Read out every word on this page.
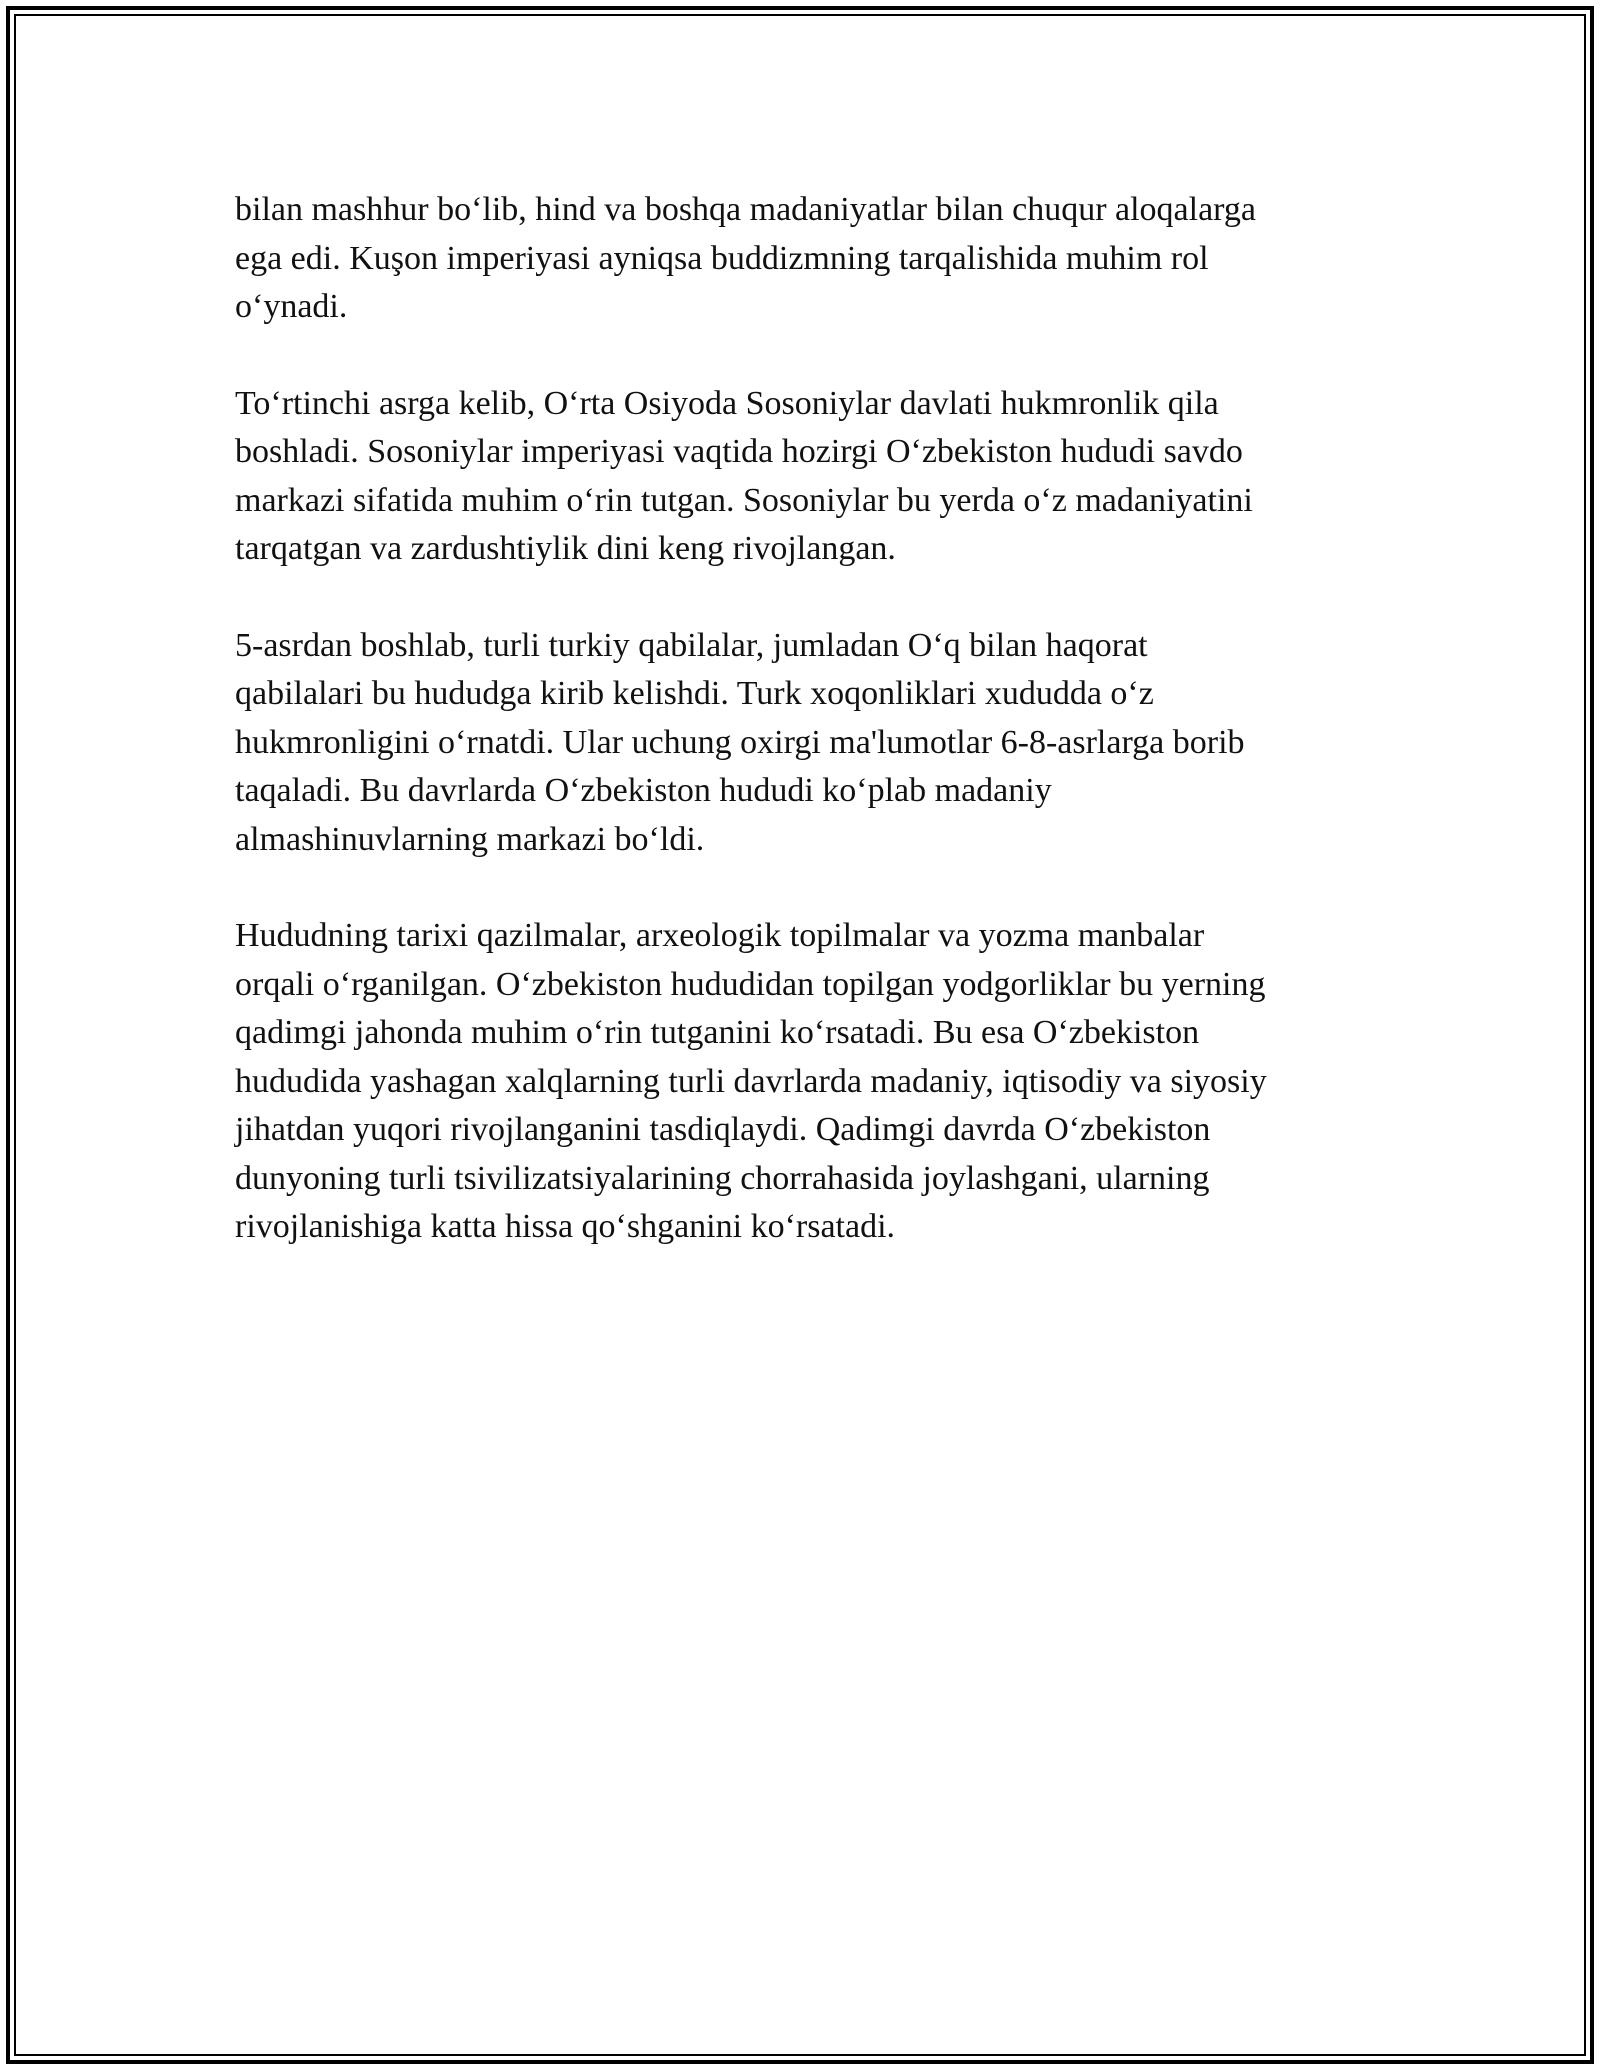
bilan mashhur bo‘lib, hind va boshqa madaniyatlar bilan chuqur aloqalarga
ega edi. Kuşon imperiyasi ayniqsa buddizmning tarqalishida muhim rol
o‘ynadi.

To‘rtinchi asrga kelib, O‘rta Osiyoda Sosoniylar davlati hukmronlik qila
boshladi. Sosoniylar imperiyasi vaqtida hozirgi O‘zbekiston hududi savdo
markazi sifatida muhim o‘rin tutgan. Sosoniylar bu yerda o‘z madaniyatini
tarqatgan va zardushtiylik dini keng rivojlangan.

5-asrdan boshlab, turli turkiy qabilalar, jumladan O‘q bilan haqorat
qabilalari bu hududga kirib kelishdi. Turk xoqonliklari xududda o‘z
hukmronligini o‘rnatdi. Ular uchung oxirgi ma'lumotlar 6-8-asrlarga borib
taqaladi. Bu davrlarda O‘zbekiston hududi ko‘plab madaniy
almashinuvlarning markazi bo‘ldi.

Hududning tarixi qazilmalar, arxeologik topilmalar va yozma manbalar
orqali o‘rganilgan. O‘zbekiston hududidan topilgan yodgorliklar bu yerning
qadimgi jahonda muhim o‘rin tutganini ko‘rsatadi. Bu esa O‘zbekiston
hududida yashagan xalqlarning turli davrlarda madaniy, iqtisodiy va siyosiy
jihatdan yuqori rivojlanganini tasdiqlaydi. Qadimgi davrda O‘zbekiston
dunyoning turli tsivilizatsiyalarining chorrahasida joylashgani, ularning
rivojlanishiga katta hissa qo‘shganini ko‘rsatadi.
